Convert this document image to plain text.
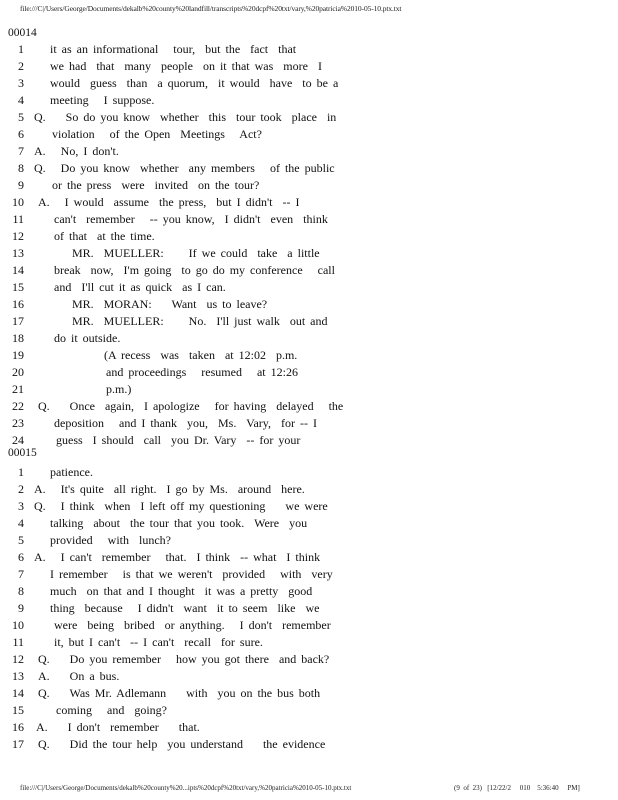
file:///C|/Users/George/Documents/dekalb%20county%20landfill/transcripts%20dcpf%20txt/vary,%20patricia%2010-05-10.ptx.txt
00014
1 it as an informational   tour,  but the  fact  that
2 we had  that  many  people  on it that was  more  I
3 would  guess  than  a quorum,  it would  have  to be a
4 meeting   I suppose.
5 Q.    So do you know  whether  this  tour took  place  in
6 violation   of the Open  Meetings   Act?
7 A.   No, I don't.
8 Q.   Do you know  whether  any members   of the public
9 or the press  were  invited  on the tour?
10 A.   I would  assume  the press,  but I didn't  -- I
11	can't  remember   -- you know,  I didn't  even  think
12	of that  at the time.
13	MR.  MUELLER:     If we could  take  a little
14	break  now,  I'm going  to go do my conference   call
15	and  I'll cut it as quick  as I can.
16	MR.  MORAN:    Want  us to leave?
17	MR.  MUELLER:     No.  I'll just walk  out and
18	do it outside.
19	(A recess  was  taken  at 12:02  p.m.
20	and proceedings   resumed   at 12:26
21	p.m.)
22 Q.    Once  again,  I apologize   for having  delayed   the
23	deposition   and I thank  you,  Ms.  Vary,  for -- I
24	guess  I should  call  you Dr. Vary  -- for your
00015
1 patience.
2 A.   It's quite  all right.  I go by Ms.  around  here.
3 Q.   I think  when  I left off my questioning    we were
4 talking  about  the tour that you took.  Were  you
5 provided   with  lunch?
6 A.   I can't  remember   that.  I think  -- what  I think
7 I remember   is that we weren't  provided   with  very
8 much  on that and I thought  it was a pretty  good
9 thing  because   I didn't  want  it to seem  like  we
10	were  being  bribed  or anything.   I don't  remember
11	it, but I can't  -- I can't  recall  for sure.
12 Q.    Do you remember   how you got there  and back?
13 A.    On a bus.
14 Q.    Was Mr. Adlemann    with  you on the bus both
15	coming   and  going?
16 A.    I don't  remember    that.
17 Q.    Did the tour help  you understand    the evidence
file:///C|/Users/George/Documents/dekalb%20county%20...ipts%20dcpf%20txt/vary,%20patricia%2010-05-10.ptx.txt	(9  of  23)   [12/22/2     010    5:36:40     PM]
